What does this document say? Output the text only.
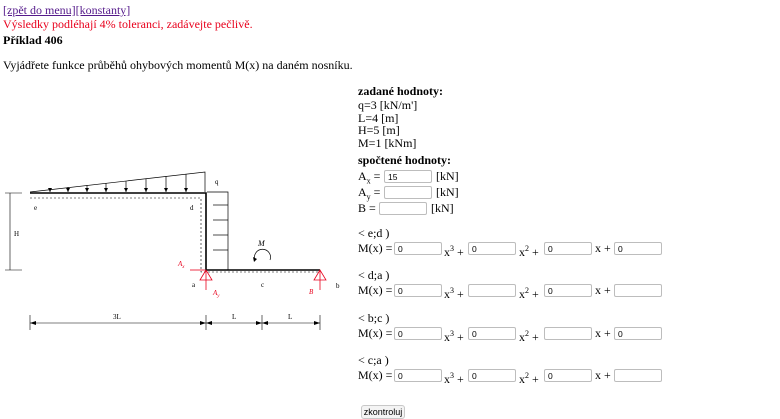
[zpět do menu][konstanty]
Výsledky podléhají 4% toleranci, zadávejte pečlivě.
Příklad 406
Vyjádřete funkce průběhů ohybových momentů M(x) na daném nosníku.
H
q
e	d
M
$A_x$
$A_y$
B
a	c	b
3L	L	L
zadané hodnoty:
q=3 [kN/m']
L=4 [m]
H=5 [m]
M=1 [kNm]
spočtené hodnoty:
$A_x = 15$	[kN]
$A_y$ =	[kN]
B =	[kN]
< e;d )
M(x) = 0	$x^3 + 0$	$x^2$ +	0	x + 0
< d;a )
M(x) = 0	$x^3$ +	$x^2$ +	0	x +
< b;c )
M(x) = 0	$x^3 + 0$	$x^2$ +	x + 0
< c;a )
M(x) = 0	$x^3 + 0$	$x^2$ +	0	x +
zkontroluj
